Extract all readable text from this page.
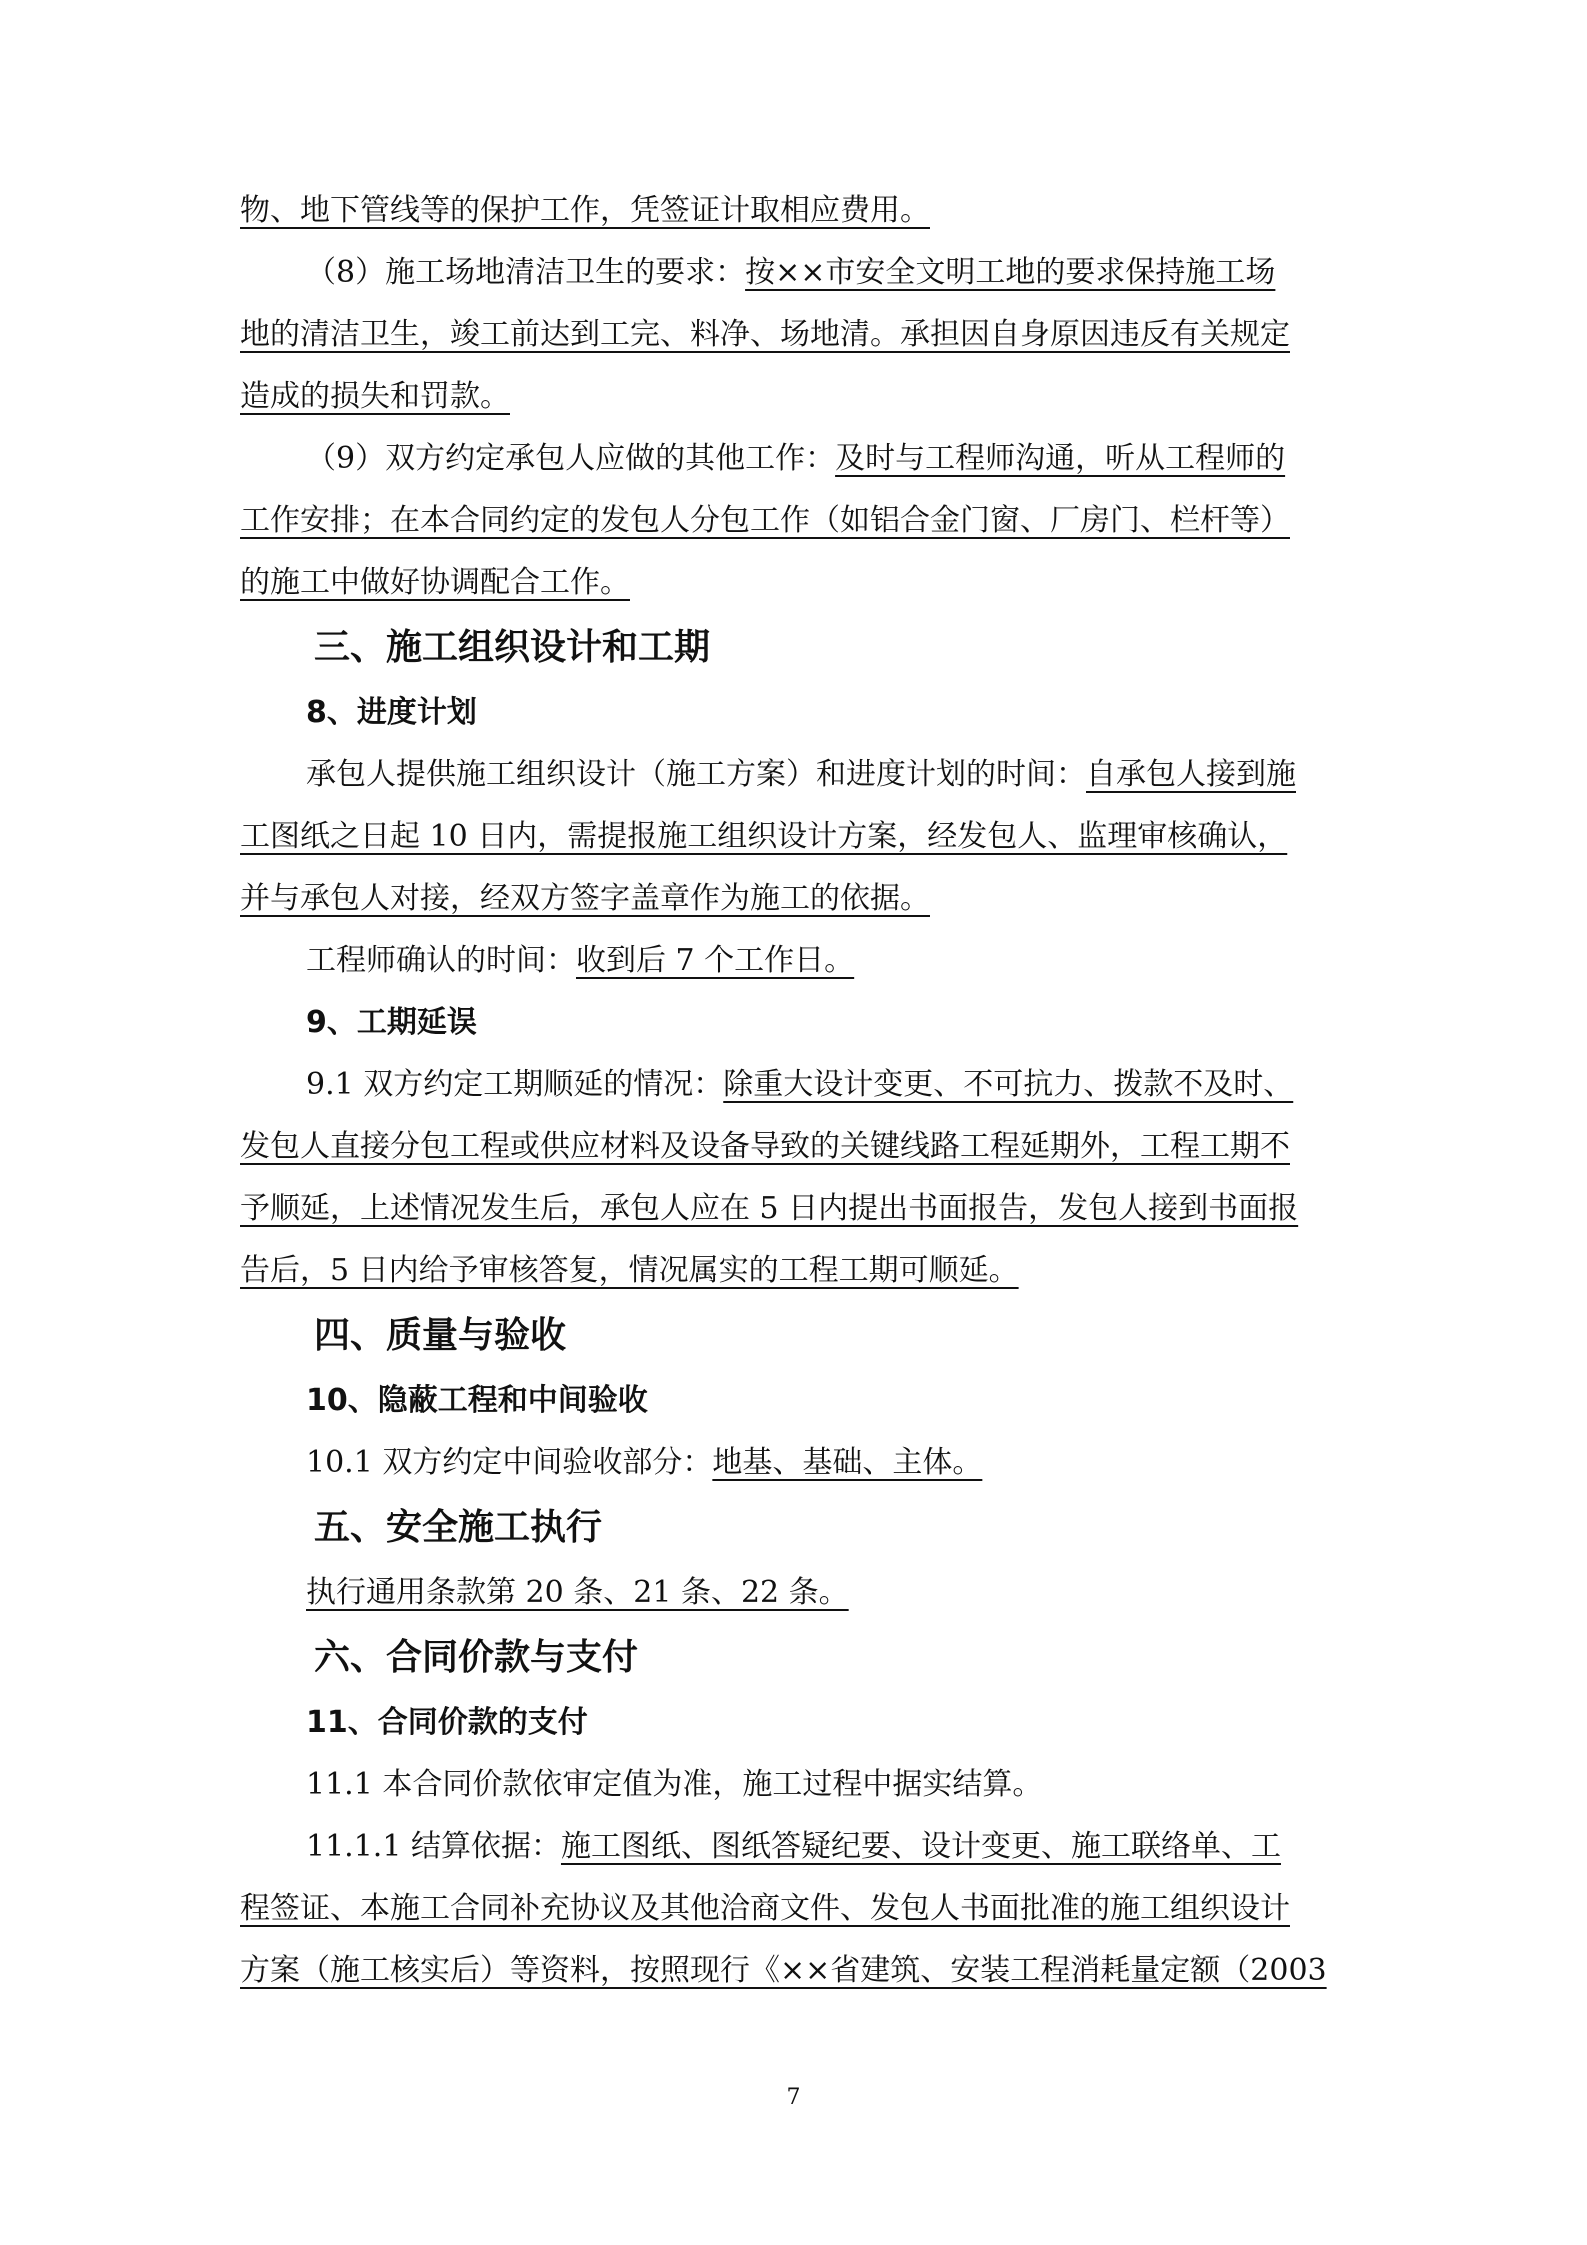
物、地下管线等的保护工作，凭签证计取相应费用。
（8）施工场地清洁卫生的要求：按××市安全文明工地的要求保持施工场
地的清洁卫生，竣工前达到工完、料净、场地清。承担因自身原因违反有关规定
造成的损失和罚款。
（9）双方约定承包人应做的其他工作：及时与工程师沟通，听从工程师的
工作安排；在本合同约定的发包人分包工作（如铝合金门窗、厂房门、栏杆等）
的施工中做好协调配合工作。
三、施工组织设计和工期
8、进度计划
承包人提供施工组织设计（施工方案）和进度计划的时间：自承包人接到施
工图纸之日起 10 日内，需提报施工组织设计方案，经发包人、监理审核确认，
并与承包人对接，经双方签字盖章作为施工的依据。
工程师确认的时间：收到后 7 个工作日。
9、工期延误
9.1 双方约定工期顺延的情况：除重大设计变更、不可抗力、拨款不及时、
发包人直接分包工程或供应材料及设备导致的关键线路工程延期外，工程工期不
予顺延，上述情况发生后，承包人应在 5 日内提出书面报告，发包人接到书面报
告后，5 日内给予审核答复，情况属实的工程工期可顺延。
四、质量与验收
10、隐蔽工程和中间验收
10.1 双方约定中间验收部分：地基、基础、主体。
五、安全施工执行
执行通用条款第 20 条、21 条、22 条。
六、合同价款与支付
11、合同价款的支付
11.1 本合同价款依审定值为准，施工过程中据实结算。
11.1.1 结算依据：施工图纸、图纸答疑纪要、设计变更、施工联络单、工
程签证、本施工合同补充协议及其他洽商文件、发包人书面批准的施工组织设计
方案（施工核实后）等资料，按照现行《××省建筑、安装工程消耗量定额（2003
7
